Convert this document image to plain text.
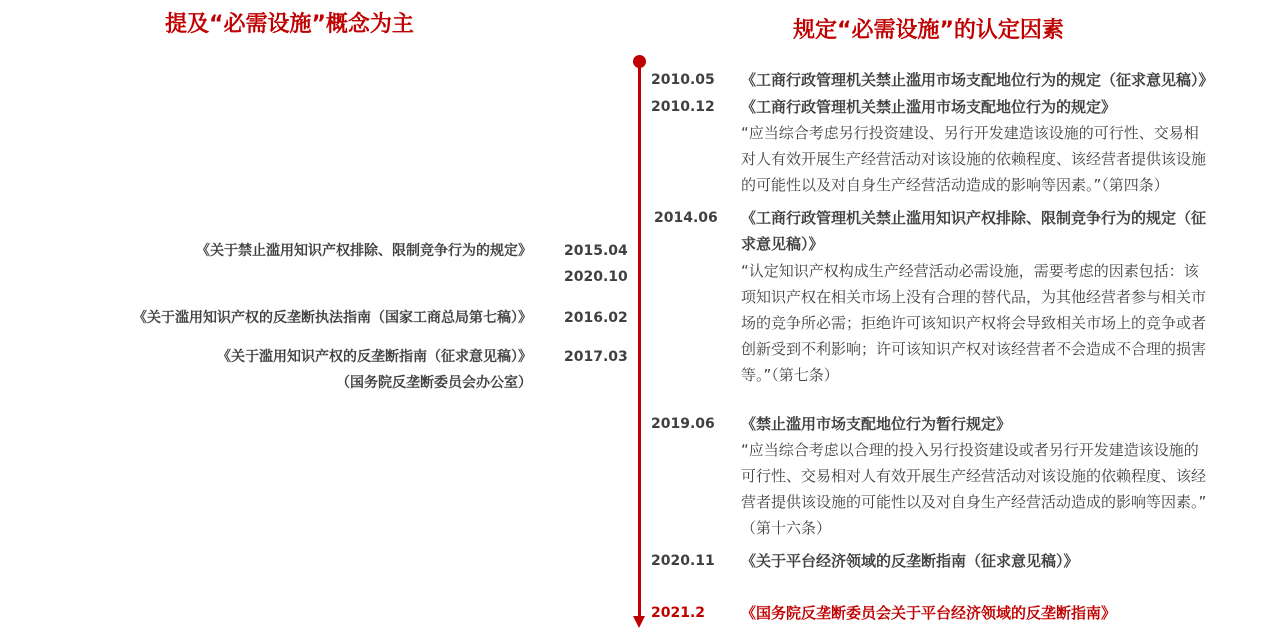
提及“必需设施”概念为主	规定“必需设施”的认定因素
2010.05 《工商行政管理机关禁止滥用市场支配地位行为的规定（征求意见稿）》
2010.12 《工商行政管理机关禁止滥用市场支配地位行为的规定》
“应当综合考虑另行投资建设、另行开发建造该设施的可行性、交易相
对人有效开展生产经营活动对该设施的依赖程度、该经营者提供该设施
的可能性以及对自身生产经营活动造成的影响等因素。”（第四条）
2014.06 《工商行政管理机关禁止滥用知识产权排除、限制竞争行为的规定（征
求意见稿）》
“认定知识产权构成生产经营活动必需设施，需要考虑的因素包括：该
项知识产权在相关市场上没有合理的替代品，为其他经营者参与相关市
场的竞争所必需；拒绝许可该知识产权将会导致相关市场上的竞争或者
创新受到不利影响；许可该知识产权对该经营者不会造成不合理的损害
等。”（第七条）
2019.06 《禁止滥用市场支配地位行为暂行规定》
“应当综合考虑以合理的投入另行投资建设或者另行开发建造该设施的
可行性、交易相对人有效开展生产经营活动对该设施的依赖程度、该经
营者提供该设施的可能性以及对自身生产经营活动造成的影响等因素。”
（第十六条）
2020.11 《关于平台经济领域的反垄断指南（征求意见稿）》
2021.2 《国务院反垄断委员会关于平台经济领域的反垄断指南》
《关于禁止滥用知识产权排除、限制竞争行为的规定》 2015.04
2020.10
《关于滥用知识产权的反垄断执法指南（国家工商总局第七稿）》 2016.02
《关于滥用知识产权的反垄断指南（征求意见稿）》
（国务院反垄断委员会办公室）
2017.03
